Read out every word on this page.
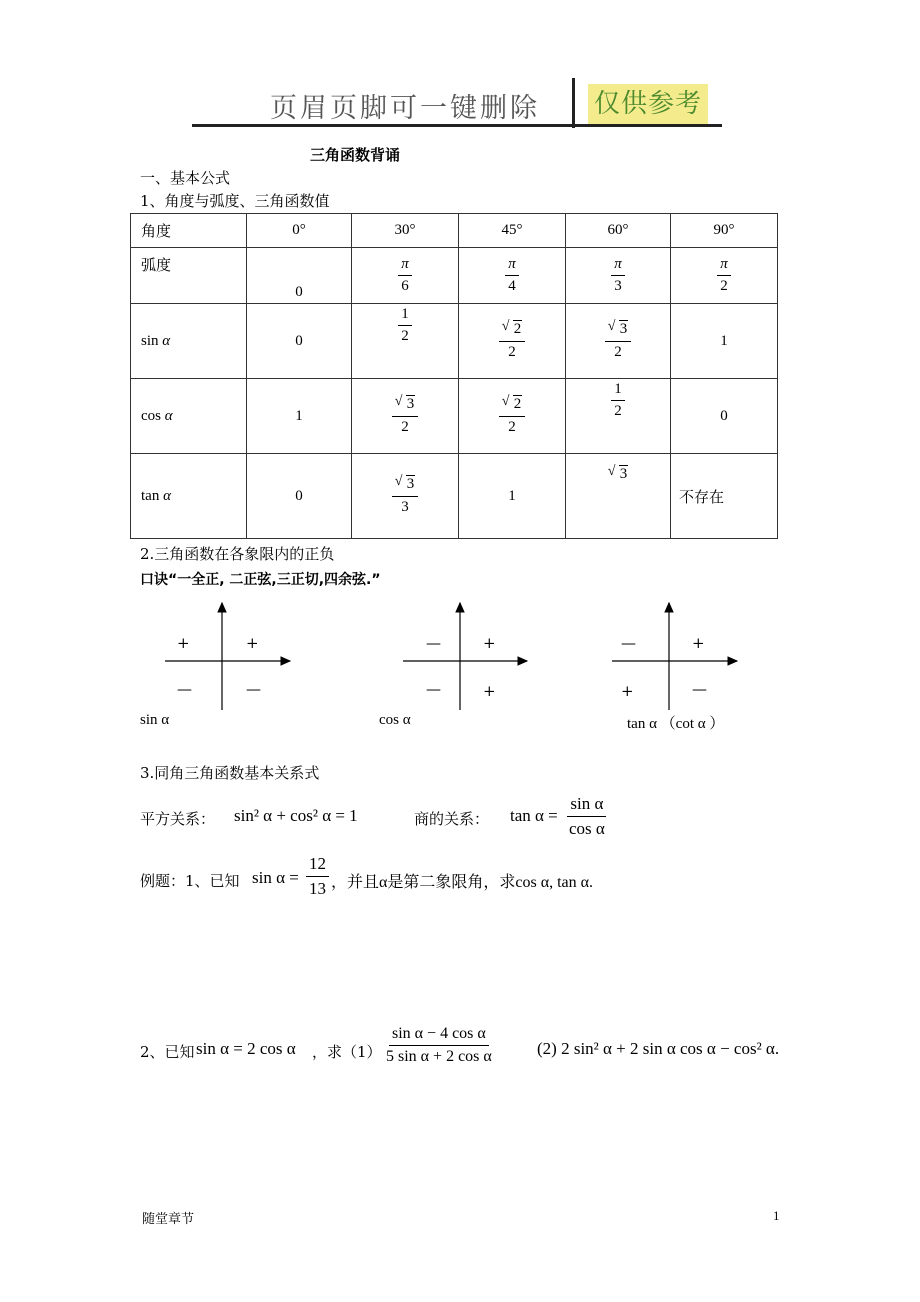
页眉页脚可一键删除 仅供参考
三角函数背诵
一、基本公式
1、角度与弧度、三角函数值
角度	0°	30°	45°	60°	90°
弧度	0	$\frac{\pi}{6}$	$\frac{\pi}{4}$	$\frac{\pi}{3}$	$\frac{\pi}{2}$

sin α	0	$\frac{1}{2}$	$\frac{√ 2}{2}$	$\frac{√ 3}{2}$	1
cos α	1	$\frac{√ 3}{2}$	$\frac{√ 2}{2}$	$\frac{1}{2}$	0
tan α	0	$\frac{√ 3}{3}$	1	√ 3	不存在
2.三角函数在各象限内的正负
口诀“一全正, 二正弦,三正切,四余弦.”
+
+
—	—
sin α
+
—
—	+
cos α
+
—
+	—
tan α （cot α ）
3.同角三角函数基本关系式
平方关系： sin² α + cos² α = 1	商的关系： $\tan \alpha = \frac{\text{sin α}}{\text{cos α}}$
例题：1、已知 $\sin \alpha = \frac{12}{13}$ ，并且α是第二象限角，求cos α, tan α.
2、已知 sin α = 2 cos α ，求$(1) \frac{\text{sin α − 4 cos α}}{\text{5 sin α + 2 cos α}} (2)$ 2 sin² α + 2 sin α cos α − cos² α.
随堂章节	1
